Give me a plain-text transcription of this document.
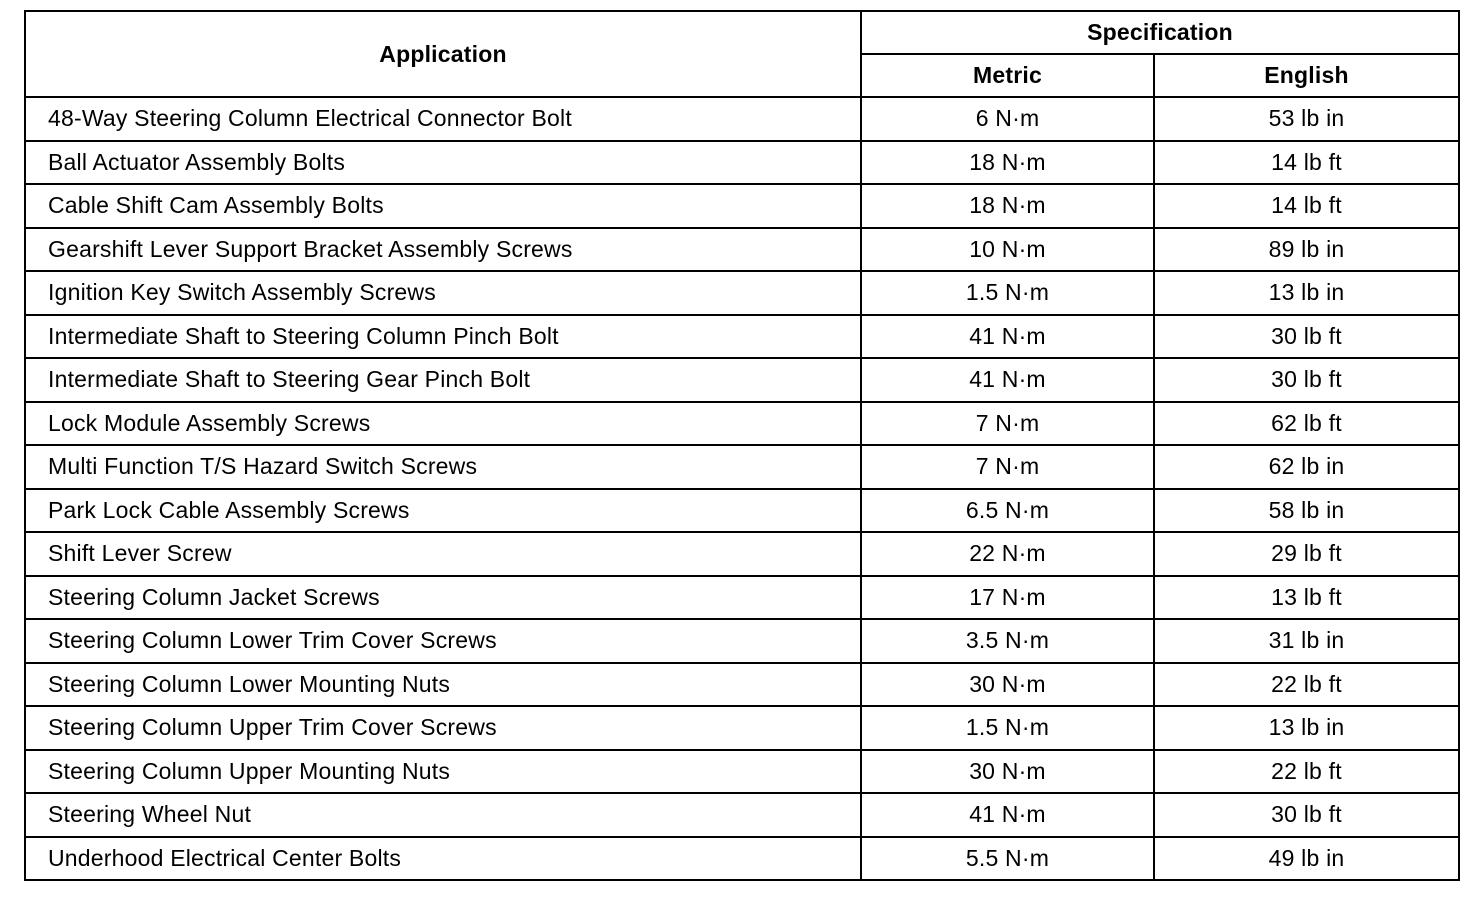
Application	Specification	
	Metric	English
48-Way Steering Column Electrical Connector Bolt	6 N·m	53 lb in
Ball Actuator Assembly Bolts	18 N·m	14 lb ft
Cable Shift Cam Assembly Bolts	18 N·m	14 lb ft
Gearshift Lever Support Bracket Assembly Screws	10 N·m	89 lb in
Ignition Key Switch Assembly Screws	1.5 N·m	13 lb in
Intermediate Shaft to Steering Column Pinch Bolt	41 N·m	30 lb ft
Intermediate Shaft to Steering Gear Pinch Bolt	41 N·m	30 lb ft
Lock Module Assembly Screws	7 N·m	62 lb ft
Multi Function T/S Hazard Switch Screws	7 N·m	62 lb in
Park Lock Cable Assembly Screws	6.5 N·m	58 lb in
Shift Lever Screw	22 N·m	29 lb ft
Steering Column Jacket Screws	17 N·m	13 lb ft
Steering Column Lower Trim Cover Screws	3.5 N·m	31 lb in
Steering Column Lower Mounting Nuts	30 N·m	22 lb ft
Steering Column Upper Trim Cover Screws	1.5 N·m	13 lb in
Steering Column Upper Mounting Nuts	30 N·m	22 lb ft
Steering Wheel Nut	41 N·m	30 lb ft
Underhood Electrical Center Bolts	5.5 N·m	49 lb in
